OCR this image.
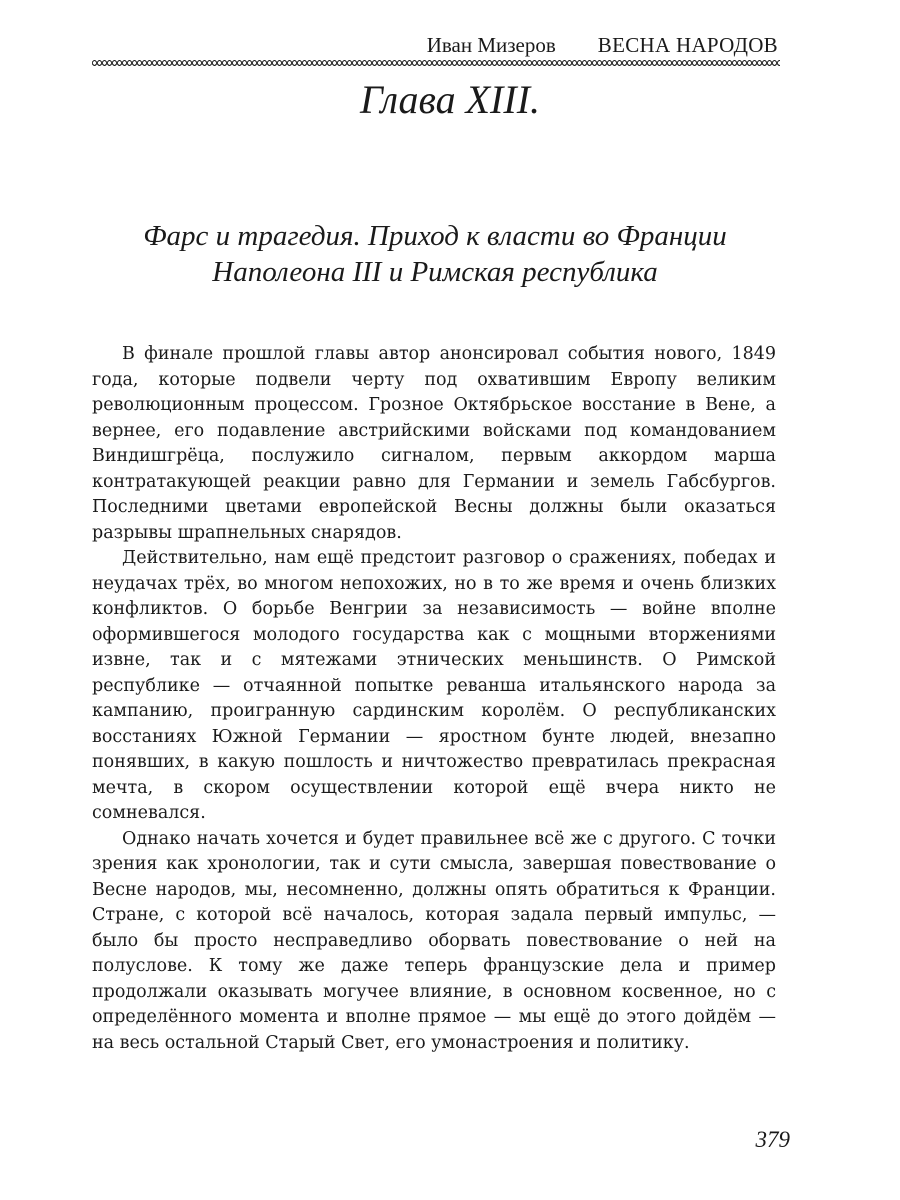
Иван Мизеров ВЕСНА НАРОДОВ
Глава XIII.
Фарс и трагедия. Приход к власти во Франции
Наполеона III и Римская республика

В финале прошлой главы автор анонсировал события нового, 1849 года, которые подвели черту под охватившим Европу великим революционным процессом. Грозное Октябрьское восстание в Вене, а вернее, его подавление австрийскими войсками под командованием Виндишгрёца, послужило сигналом, первым аккордом марша контратакующей реакции равно для Германии и земель Габсбургов. Последними цветами европейской Весны должны были оказаться разрывы шрапнельных снарядов.

Действительно, нам ещё предстоит разговор о сражениях, победах и неудачах трёх, во многом непохожих, но в то же время и очень близких конфликтов. О борьбе Венгрии за независимость — войне вполне оформившегося молодого государства как с мощными вторжениями извне, так и с мятежами этнических меньшинств. О Римской республике — отчаянной попытке реванша итальянского народа за кампанию, проигранную сардинским королём. О республиканских восстаниях Южной Германии — яростном бунте людей, внезапно понявших, в какую пошлость и ничтожество превратилась прекрасная мечта, в скором осуществлении которой ещё вчера никто не сомневался.

Однако начать хочется и будет правильнее всё же с другого. С точки зрения как хронологии, так и сути смысла, завершая повествование о Весне народов, мы, несомненно, должны опять обратиться к Франции. Стране, с которой всё началось, которая задала первый импульс, — было бы просто несправедливо оборвать повествование о ней на полуслове. К тому же даже теперь французские дела и пример продолжали оказывать могучее влияние, в основном косвенное, но с определённого момента и вполне прямое — мы ещё до этого дойдём — на весь остальной Старый Свет, его умонастроения и политику.

379
